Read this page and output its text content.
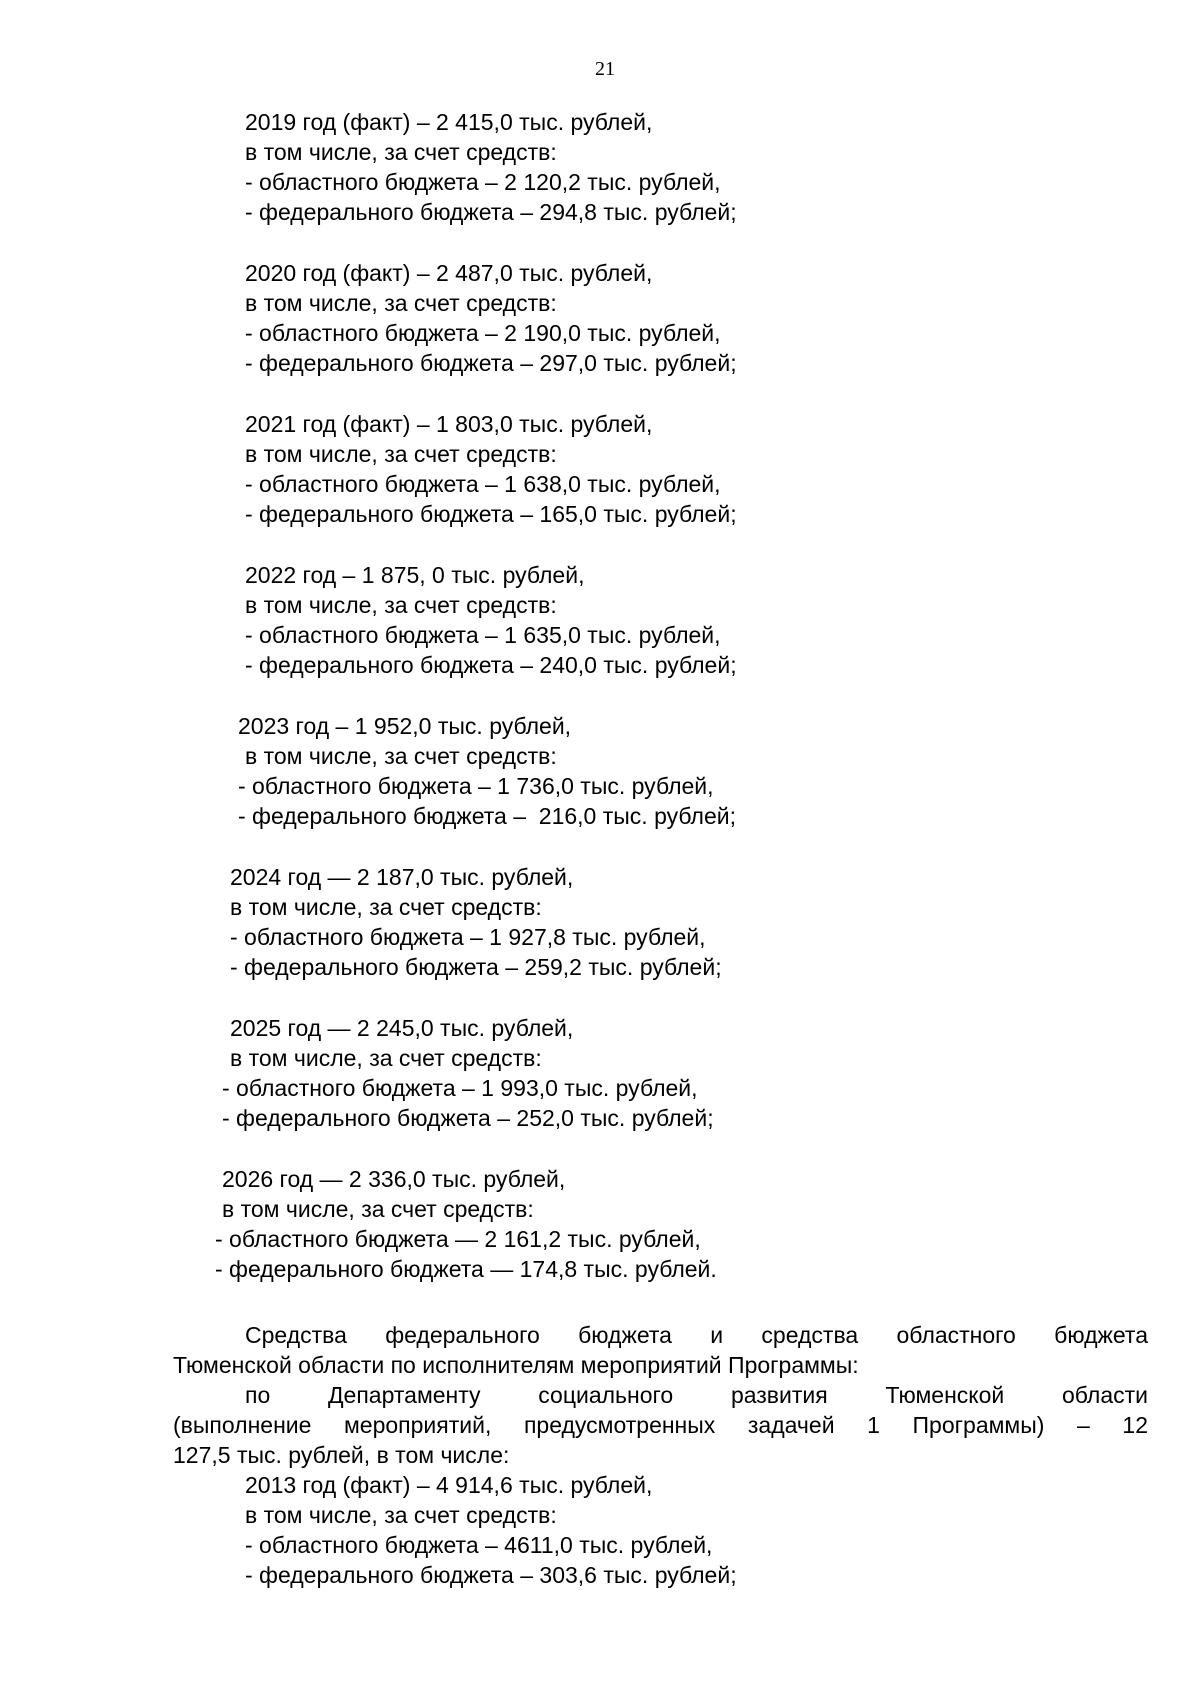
21
2019 год (факт) – 2 415,0 тыс. рублей,
в том числе, за счет средств:
- областного бюджета – 2 120,2 тыс. рублей,
- федерального бюджета – 294,8 тыс. рублей;
2020 год (факт) – 2 487,0 тыс. рублей,
в том числе, за счет средств:
- областного бюджета – 2 190,0 тыс. рублей,
- федерального бюджета – 297,0 тыс. рублей;
2021 год (факт) – 1 803,0 тыс. рублей,
в том числе, за счет средств:
- областного бюджета – 1 638,0 тыс. рублей,
- федерального бюджета – 165,0 тыс. рублей;
2022 год – 1 875, 0 тыс. рублей,
в том числе, за счет средств:
- областного бюджета – 1 635,0 тыс. рублей,
- федерального бюджета – 240,0 тыс. рублей;
2023 год – 1 952,0 тыс. рублей,
в том числе, за счет средств:
- областного бюджета – 1 736,0 тыс. рублей,
- федерального бюджета –  216,0 тыс. рублей;
2024 год — 2 187,0 тыс. рублей,
в том числе, за счет средств:
- областного бюджета – 1 927,8 тыс. рублей,
- федерального бюджета – 259,2 тыс. рублей;
2025 год — 2 245,0 тыс. рублей,
в том числе, за счет средств:
- областного бюджета – 1 993,0 тыс. рублей,
- федерального бюджета – 252,0 тыс. рублей;
2026 год — 2 336,0 тыс. рублей,
в том числе, за счет средств:
- областного бюджета — 2 161,2 тыс. рублей,
- федерального бюджета — 174,8 тыс. рублей.
Средства федерального бюджета и средства областного бюджета
Тюменской области по исполнителям мероприятий Программы:
по Департаменту социального развития Тюменской области
(выполнение мероприятий, предусмотренных задачей 1 Программы) – 12
127,5 тыс. рублей, в том числе:
2013 год (факт) – 4 914,6 тыс. рублей,
в том числе, за счет средств:
- областного бюджета – 4611,0 тыс. рублей,
- федерального бюджета – 303,6 тыс. рублей;
